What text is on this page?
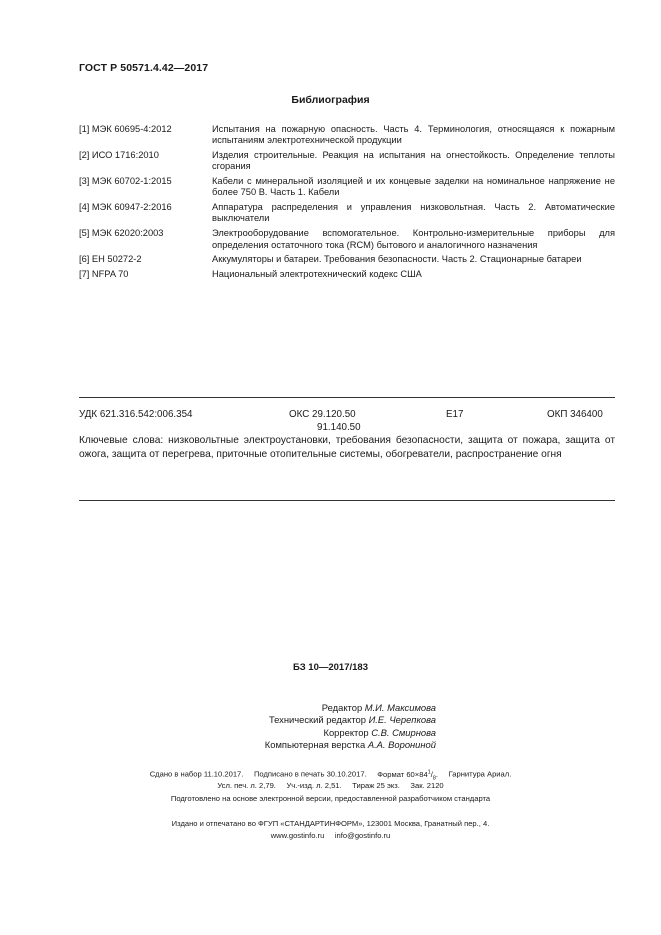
ГОСТ Р 50571.4.42—2017
Библиография
[1] МЭК 60695-4:2012	Испытания на пожарную опасность. Часть 4. Терминология, относящаяся к пожарным испытаниям электротехнической продукции
[2] ИСО 1716:2010	Изделия строительные. Реакция на испытания на огнестойкость. Определение теплоты сгорания
[3] МЭК 60702-1:2015	Кабели с минеральной изоляцией и их концевые заделки на номинальное напряжение не более 750 В. Часть 1. Кабели
[4] МЭК 60947-2:2016	Аппаратура распределения и управления низковольтная. Часть 2. Автоматические выключатели
[5] МЭК 62020:2003	Электрооборудование вспомогательное. Контрольно-измерительные приборы для определения остаточного тока (RCM) бытового и аналогичного назначения
[6] ЕН 50272-2	Аккумуляторы и батареи. Требования безопасности. Часть 2. Стационарные батареи
[7] NFPA 70	Национальный электротехнический кодекс США
УДК 621.316.542:006.354	ОКС 29.120.50
91.140.50
Е17	ОКП 346400
Ключевые слова: низковольтные электроустановки, требования безопасности, защита от пожара, защита от ожога, защита от перегрева, приточные отопительные системы, обогреватели, распространение огня
БЗ 10—2017/183
Редактор М.И. Максимова
Технический редактор И.Е. Черепкова
Корректор С.В. Смирнова
Компьютерная верстка А.А. Ворониной
Сдано в набор 11.10.2017. Подписано в печать 30.10.2017. Формат $60\times 84^1/_8$. Гарнитура Ариал.
Усл. печ. л. 2,79. Уч.-изд. л. 2,51. Тираж 25 экз. Зак. 2120
Подготовлено на основе электронной версии, предоставленной разработчиком стандарта
Издано и отпечатано во ФГУП «СТАНДАРТИНФОРМ», 123001 Москва, Гранатный пер., 4.
www.gostinfo.ru info@gostinfo.ru
